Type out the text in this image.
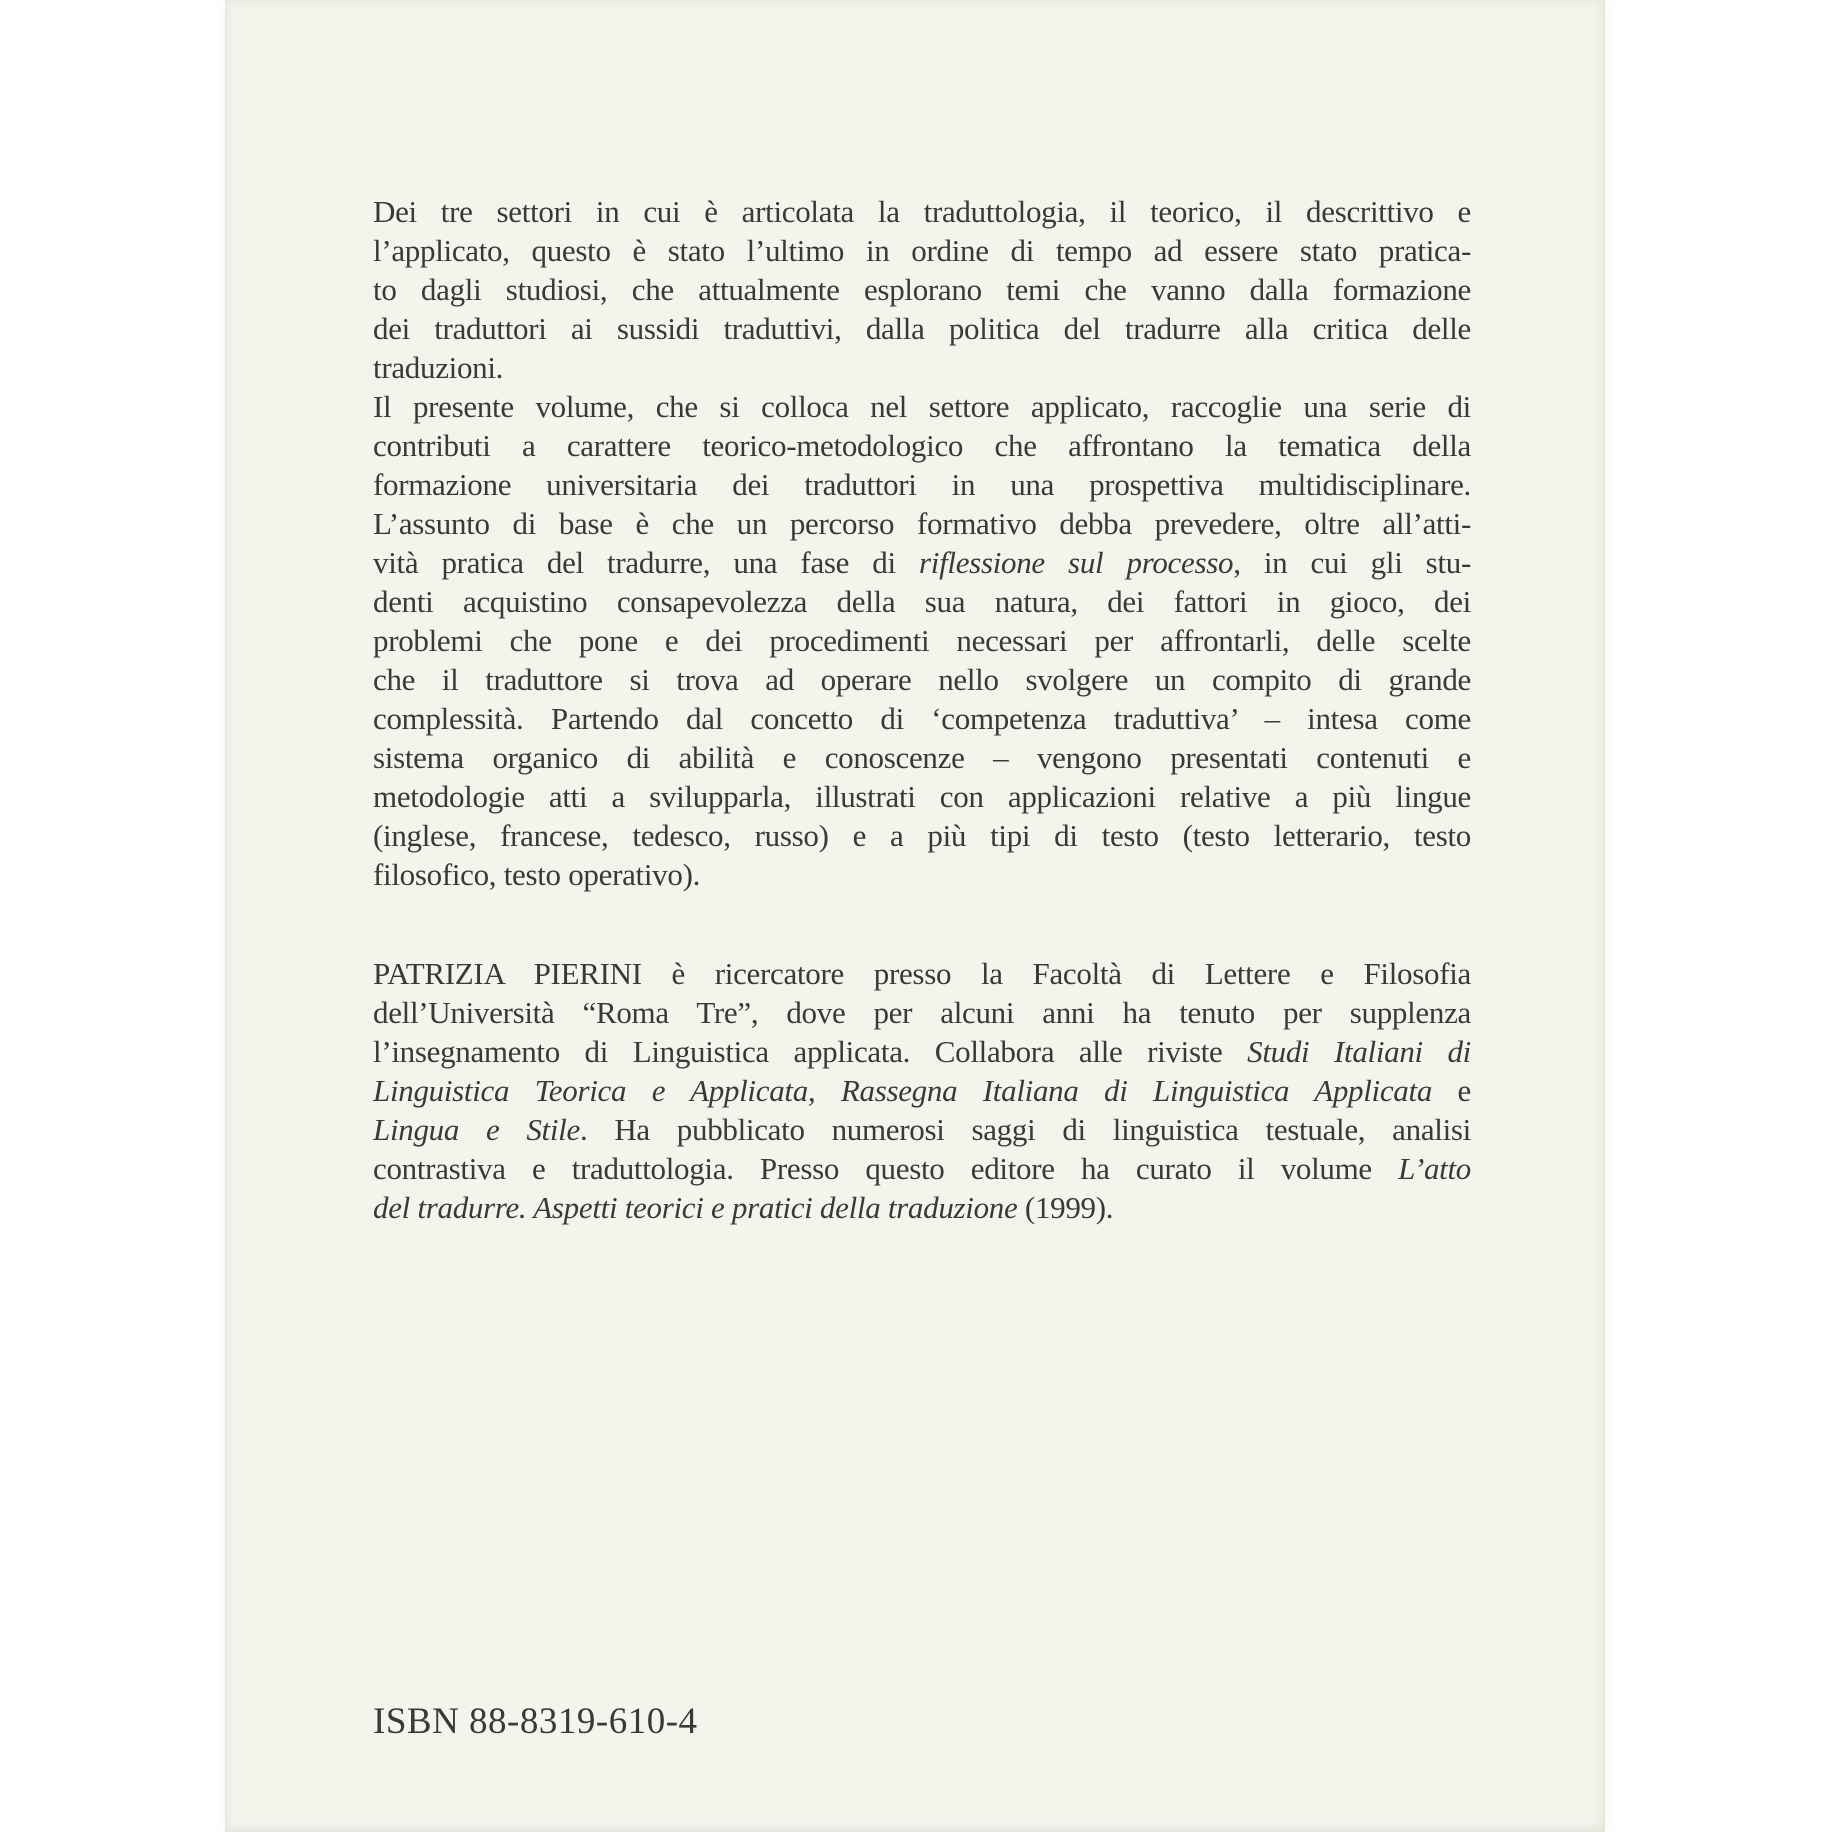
Dei tre settori in cui è articolata la traduttologia, il teorico, il descrittivo e
l’applicato, questo è stato l’ultimo in ordine di tempo ad essere stato pratica-
to dagli studiosi, che attualmente esplorano temi che vanno dalla formazione
dei traduttori ai sussidi traduttivi, dalla politica del tradurre alla critica delle
traduzioni.
Il presente volume, che si colloca nel settore applicato, raccoglie una serie di
contributi a carattere teorico-metodologico che affrontano la tematica della
formazione universitaria dei traduttori in una prospettiva multidisciplinare.
L’assunto di base è che un percorso formativo debba prevedere, oltre all’atti-
vità pratica del tradurre, una fase di riflessione sul processo, in cui gli stu-
denti acquistino consapevolezza della sua natura, dei fattori in gioco, dei
problemi che pone e dei procedimenti necessari per affrontarli, delle scelte
che il traduttore si trova ad operare nello svolgere un compito di grande
complessità. Partendo dal concetto di ‘competenza traduttiva’ – intesa come
sistema organico di abilità e conoscenze – vengono presentati contenuti e
metodologie atti a svilupparla, illustrati con applicazioni relative a più lingue
(inglese, francese, tedesco, russo) e a più tipi di testo (testo letterario, testo
filosofico, testo operativo).
PATRIZIA PIERINI è ricercatore presso la Facoltà di Lettere e Filosofia
dell’Università “Roma Tre”, dove per alcuni anni ha tenuto per supplenza
l’insegnamento di Linguistica applicata. Collabora alle riviste Studi Italiani di
Linguistica Teorica e Applicata, Rassegna Italiana di Linguistica Applicata e
Lingua e Stile. Ha pubblicato numerosi saggi di linguistica testuale, analisi
contrastiva e traduttologia. Presso questo editore ha curato il volume L’atto
del tradurre. Aspetti teorici e pratici della traduzione (1999).
ISBN 88-8319-610-4
